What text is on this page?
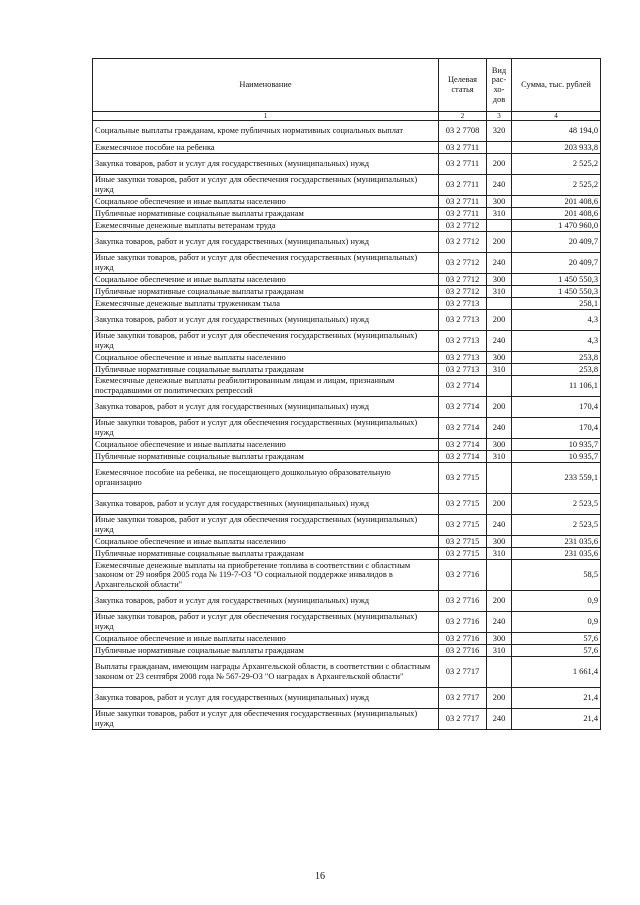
Наименование	Целевая статья	Вид рас-хо-дов	Сумма, тыс. рублей
1	2	3	4
Социальные выплаты гражданам, кроме публичных нормативных социальных выплат	03 2 7708	320	48 194,0
Ежемесячное пособие на ребенка	03 2 7711		203 933,8
Закупка товаров, работ и услуг для государственных (муниципальных) нужд	03 2 7711	200	2 525,2
Иные закупки товаров, работ и услуг для обеспечения государственных (муниципальных) нужд	03 2 7711	240	2 525,2
Социальное обеспечение и иные выплаты населению	03 2 7711	300	201 408,6
Публичные нормативные социальные выплаты гражданам	03 2 7711	310	201 408,6
Ежемесячные денежные выплаты ветеранам труда	03 2 7712		1 470 960,0
Закупка товаров, работ и услуг для государственных (муниципальных) нужд	03 2 7712	200	20 409,7
Иные закупки товаров, работ и услуг для обеспечения государственных (муниципальных) нужд	03 2 7712	240	20 409,7
Социальное обеспечение и иные выплаты населению	03 2 7712	300	1 450 550,3
Публичные нормативные социальные выплаты гражданам	03 2 7712	310	1 450 550,3
Ежемесячные денежные выплаты труженикам тыла	03 2 7713		258,1
Закупка товаров, работ и услуг для государственных (муниципальных) нужд	03 2 7713	200	4,3
Иные закупки товаров, работ и услуг для обеспечения государственных (муниципальных) нужд	03 2 7713	240	4,3
Социальное обеспечение и иные выплаты населению	03 2 7713	300	253,8
Публичные нормативные социальные выплаты гражданам	03 2 7713	310	253,8
Ежемесячные денежные выплаты реабилитированным лицам и лицам, признанным пострадавшими от политических репрессий	03 2 7714		11 106,1
Закупка товаров, работ и услуг для государственных (муниципальных) нужд	03 2 7714	200	170,4
Иные закупки товаров, работ и услуг для обеспечения государственных (муниципальных) нужд	03 2 7714	240	170,4
Социальное обеспечение и иные выплаты населению	03 2 7714	300	10 935,7
Публичные нормативные социальные выплаты гражданам	03 2 7714	310	10 935,7
Ежемесячное пособие на ребенка, не посещающего дошкольную образовательную организацию	03 2 7715		233 559,1
Закупка товаров, работ и услуг для государственных (муниципальных) нужд	03 2 7715	200	2 523,5
Иные закупки товаров, работ и услуг для обеспечения государственных (муниципальных) нужд	03 2 7715	240	2 523,5
Социальное обеспечение и иные выплаты населению	03 2 7715	300	231 035,6
Публичные нормативные социальные выплаты гражданам	03 2 7715	310	231 035,6
Ежемесячные денежные выплаты на приобретение топлива в соответствии с областным законом от 29 ноября 2005 года № 119-7-ОЗ "О социальной поддержке инвалидов в Архангельской области"	03 2 7716		58,5
Закупка товаров, работ и услуг для государственных (муниципальных) нужд	03 2 7716	200	0,9
Иные закупки товаров, работ и услуг для обеспечения государственных (муниципальных) нужд	03 2 7716	240	0,9
Социальное обеспечение и иные выплаты населению	03 2 7716	300	57,6
Публичные нормативные социальные выплаты гражданам	03 2 7716	310	57,6
Выплаты гражданам, имеющим награды Архангельской области, в соответствии с областным законом от 23 сентября 2008 года № 567-29-ОЗ "О наградах в Архангельской области"	03 2 7717		1 661,4
Закупка товаров, работ и услуг для государственных (муниципальных) нужд	03 2 7717	200	21,4
Иные закупки товаров, работ и услуг для обеспечения государственных (муниципальных) нужд	03 2 7717	240	21,4
16
